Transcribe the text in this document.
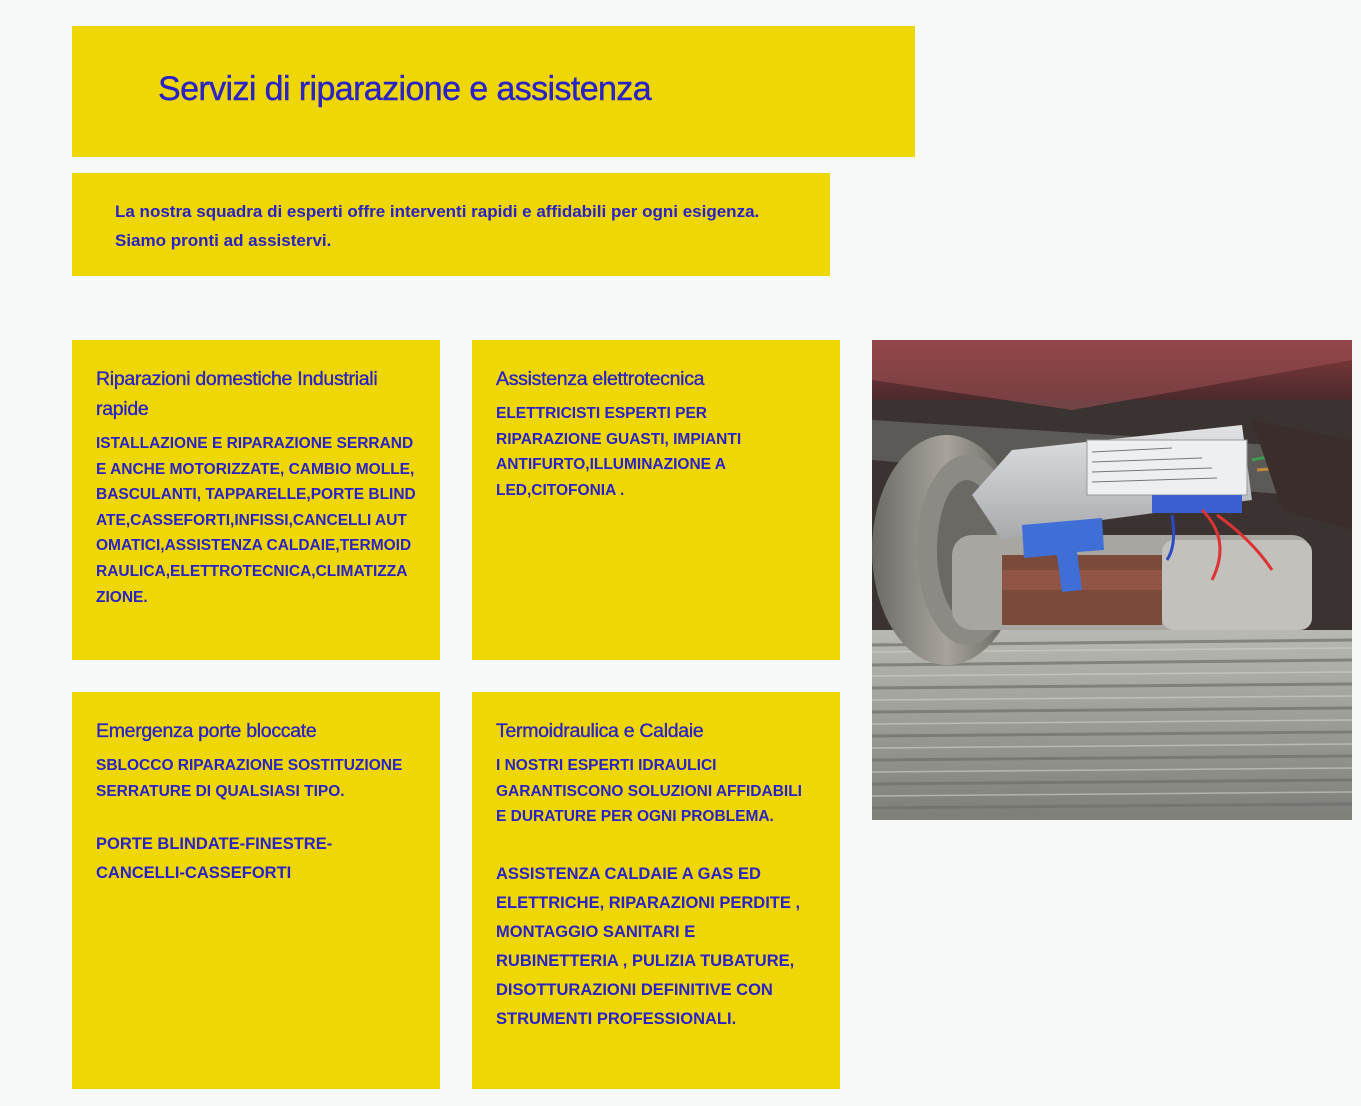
Servizi di riparazione e assistenza

La nostra squadra di esperti offre interventi rapidi e affidabili per ogni esigenza. Siamo pronti ad assistervi.

Riparazioni domestiche Industriali rapide

ISTALLAZIONE E RIPARAZIONE SERRANDE ANCHE MOTORIZZATE, CAMBIO MOLLE,BASCULANTI, TAPPARELLE,PORTE BLINDATE,CASSEFORTI,INFISSI,CANCELLI AUTOMATICI,ASSISTENZA CALDAIE,TERMOIDRAULICA,ELETTROTECNICA,CLIMATIZZAZIONE.

Assistenza elettrotecnica

ELETTRICISTI ESPERTI PER RIPARAZIONE GUASTI, IMPIANTI ANTIFURTO,ILLUMINAZIONE A LED,CITOFONIA .

Emergenza porte bloccate

SBLOCCO RIPARAZIONE SOSTITUZIONE SERRATURE DI QUALSIASI TIPO.

PORTE BLINDATE-FINESTRE-CANCELLI-CASSEFORTI

Termoidraulica e Caldaie

I NOSTRI ESPERTI IDRAULICI GARANTISCONO SOLUZIONI AFFIDABILI E DURATURE PER OGNI PROBLEMA.

ASSISTENZA CALDAIE A GAS ED ELETTRICHE, RIPARAZIONI PERDITE , MONTAGGIO SANITARI E RUBINETTERIA , PULIZIA TUBATURE, DISOTTURAZIONI DEFINITIVE CON STRUMENTI PROFESSIONALI.
